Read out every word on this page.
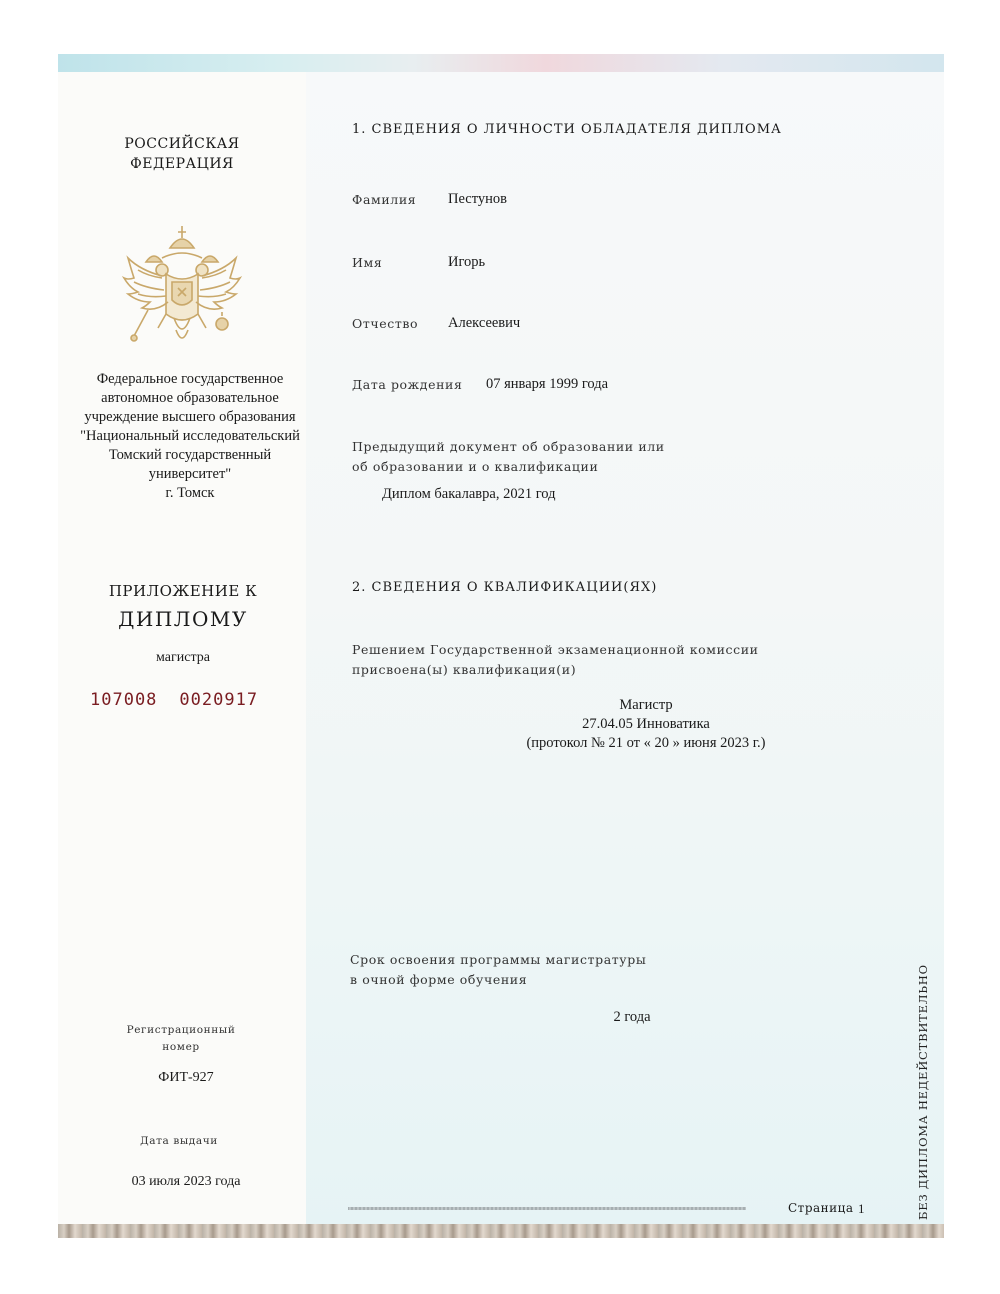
РОССИЙСКАЯ
ФЕДЕРАЦИЯ
Федеральное государственное
автономное образовательное
учреждение высшего образования
"Национальный исследовательский
Томский государственный
университет"
г. Томск
ПРИЛОЖЕНИЕ К
ДИПЛОМУ
магистра
107008 0020917
Регистрационный
номер
ФИТ-927
Дата выдачи
03 июля 2023 года
1. СВЕДЕНИЯ О ЛИЧНОСТИ ОБЛАДАТЕЛЯ ДИПЛОМА
Фамилия Пестунов
Имя	Игорь
Отчество Алексеевич
Дата рождения 07 января 1999 года
Предыдущий документ об образовании или
об образовании и о квалификации
Диплом бакалавра, 2021 год
2. СВЕДЕНИЯ О КВАЛИФИКАЦИИ(ЯХ)
Решением Государственной экзаменационной комиссии
присвоена(ы) квалификация(и)
Магистр
27.04.05 Инноватика
(протокол № 21 от « 20 » июня 2023 г.)
Срок освоения программы магистратуры
в очной форме обучения
2 года
Страница 1	БЕЗ ДИПЛОМА НЕДЕЙСТВИТЕЛЬНО
